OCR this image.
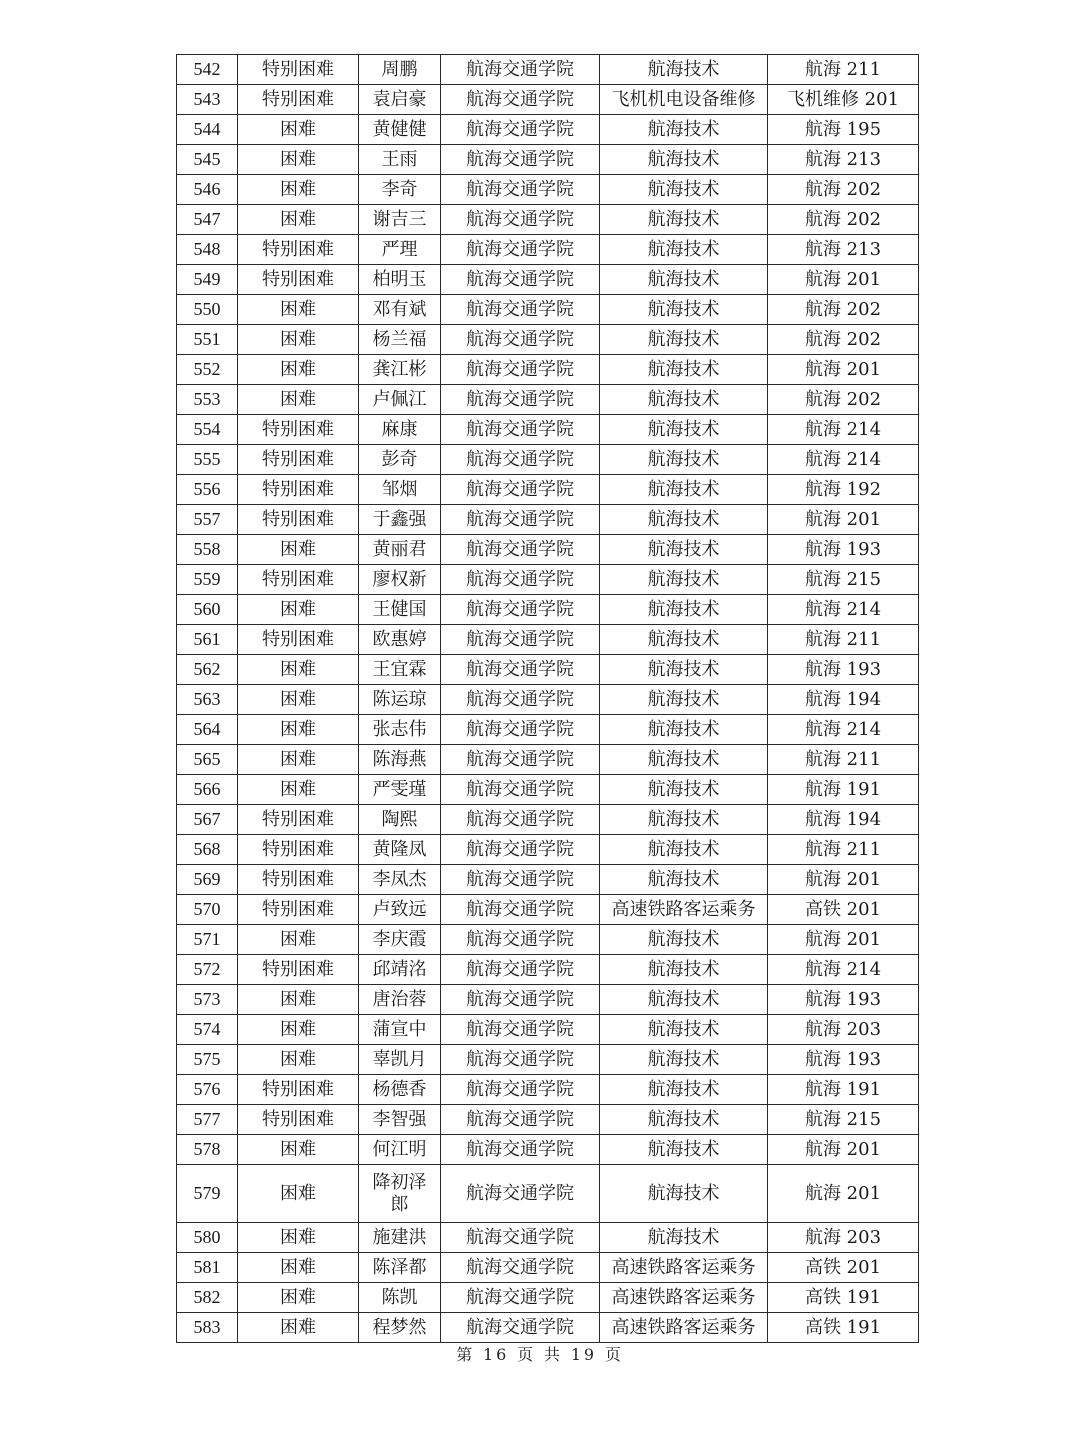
542	特别困难	周鹏	航海交通学院	航海技术	航海 211
543	特别困难	袁启豪	航海交通学院	飞机机电设备维修	飞机维修 201
544	困难	黄健健	航海交通学院	航海技术	航海 195
545	困难	王雨	航海交通学院	航海技术	航海 213
546	困难	李奇	航海交通学院	航海技术	航海 202
547	困难	谢吉三	航海交通学院	航海技术	航海 202
548	特别困难	严理	航海交通学院	航海技术	航海 213
549	特别困难	柏明玉	航海交通学院	航海技术	航海 201
550	困难	邓有斌	航海交通学院	航海技术	航海 202
551	困难	杨兰福	航海交通学院	航海技术	航海 202
552	困难	龚江彬	航海交通学院	航海技术	航海 201
553	困难	卢佩江	航海交通学院	航海技术	航海 202
554	特别困难	麻康	航海交通学院	航海技术	航海 214
555	特别困难	彭奇	航海交通学院	航海技术	航海 214
556	特别困难	邹烟	航海交通学院	航海技术	航海 192
557	特别困难	于鑫强	航海交通学院	航海技术	航海 201
558	困难	黄丽君	航海交通学院	航海技术	航海 193
559	特别困难	廖权新	航海交通学院	航海技术	航海 215
560	困难	王健国	航海交通学院	航海技术	航海 214
561	特别困难	欧惠婷	航海交通学院	航海技术	航海 211
562	困难	王宜霖	航海交通学院	航海技术	航海 193
563	困难	陈运琼	航海交通学院	航海技术	航海 194
564	困难	张志伟	航海交通学院	航海技术	航海 214
565	困难	陈海燕	航海交通学院	航海技术	航海 211
566	困难	严雯瑾	航海交通学院	航海技术	航海 191
567	特别困难	陶熙	航海交通学院	航海技术	航海 194
568	特别困难	黄隆凤	航海交通学院	航海技术	航海 211
569	特别困难	李凤杰	航海交通学院	航海技术	航海 201
570	特别困难	卢致远	航海交通学院	高速铁路客运乘务	高铁 201
571	困难	李庆霞	航海交通学院	航海技术	航海 201
572	特别困难	邱靖洺	航海交通学院	航海技术	航海 214
573	困难	唐治蓉	航海交通学院	航海技术	航海 193
574	困难	蒲宣中	航海交通学院	航海技术	航海 203
575	困难	辜凯月	航海交通学院	航海技术	航海 193
576	特别困难	杨德香	航海交通学院	航海技术	航海 191
577	特别困难	李智强	航海交通学院	航海技术	航海 215
578	困难	何江明	航海交通学院	航海技术	航海 201
579	困难	降初泽郎	航海交通学院	航海技术	航海 201
580	困难	施建洪	航海交通学院	航海技术	航海 203
581	困难	陈泽都	航海交通学院	高速铁路客运乘务	高铁 201
582	困难	陈凯	航海交通学院	高速铁路客运乘务	高铁 191
583	困难	程梦然	航海交通学院	高速铁路客运乘务	高铁 191
第 16 页 共 19 页
